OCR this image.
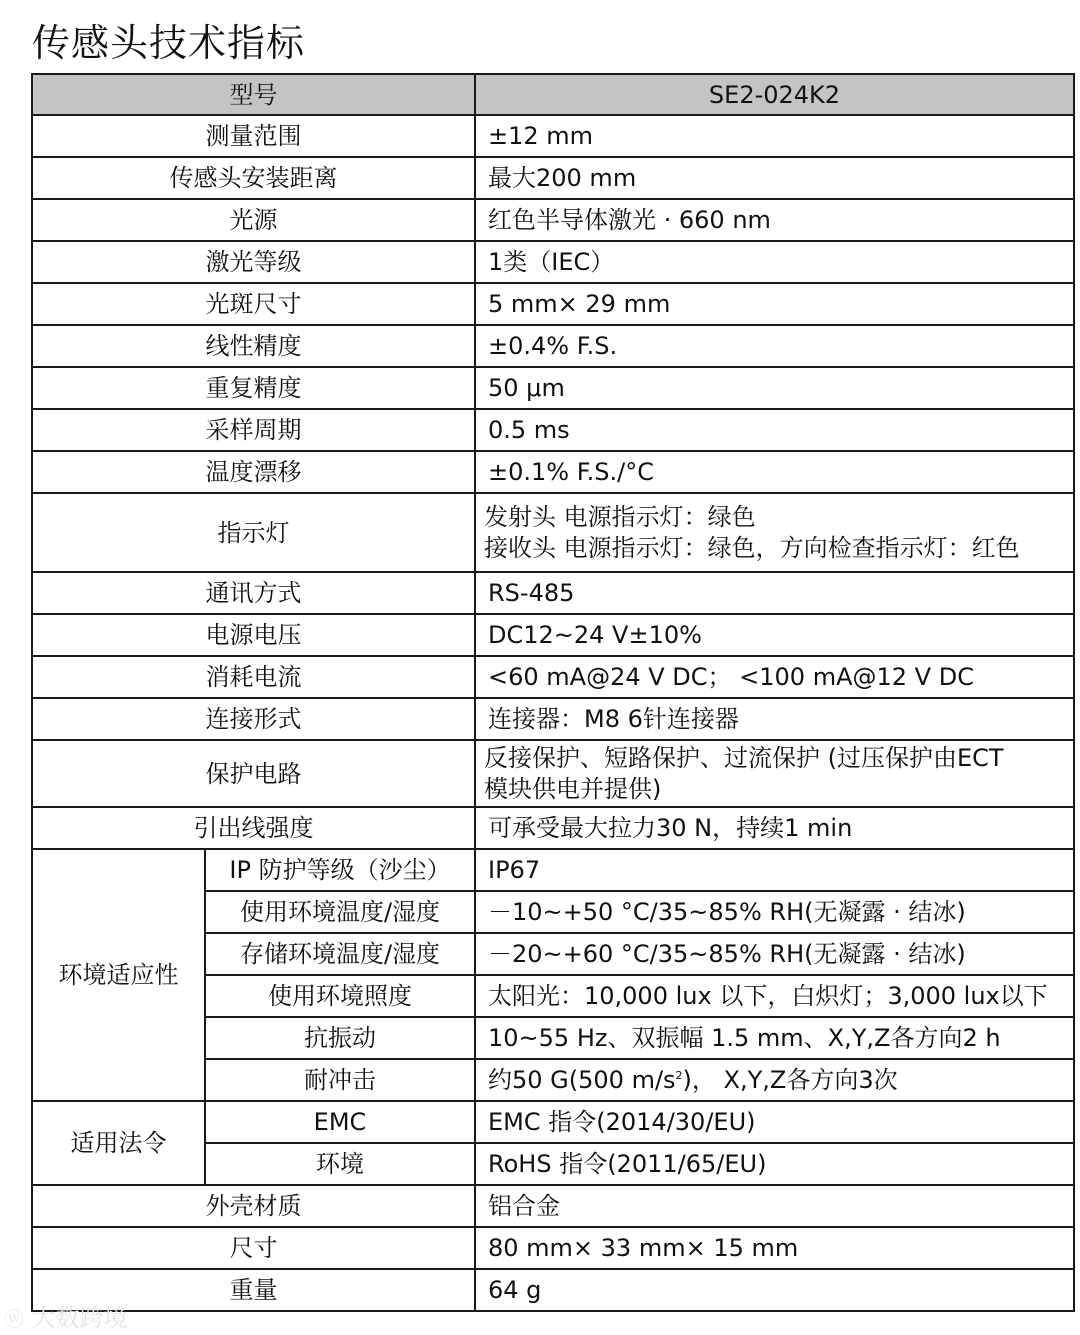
传感头技术指标
型号		SE2-024K2
测量范围		±12 mm
传感头安装距离		最大200 mm
光源		红色半导体激光 · 660 nm
激光等级		1类（IEC）
光斑尺寸		5 mm× 29 mm
线性精度		±0.4% F.S.
重复精度		50 μm
采样周期		0.5 ms
温度漂移		±0.1% F.S./°C
指示灯		发射头 电源指示灯：绿色
接收头 电源指示灯：绿色，方向检查指示灯：红色

通讯方式		RS-485
电源电压		DC12~24 V±10%
消耗电流		<60 mA@24 V DC； <100 mA@12 V DC
连接形式		连接器：M8 6针连接器
保护电路		反接保护、短路保护、过流保护 (过压保护由ECT
模块供电并提供)

引出线强度		可承受最大拉力30 N，持续1 min
环境适应性	IP 防护等级（沙尘）	IP67
	使用环境温度/湿度	－10~+50 °C/35~85% RH(无凝露 · 结冰)
	存储环境温度/湿度	－20~+60 °C/35~85% RH(无凝露 · 结冰)
	使用环境照度	太阳光：10,000 lux 以下，白炽灯；3,000 lux以下
	抗振动	10~55 Hz、双振幅 1.5 mm、X,Y,Z各方向2 h
	耐冲击	约50 G(500 $m/s^2$)， X,Y,Z各方向3次
适用法令	EMC	EMC 指令(2014/30/EU)
	环境	RoHS 指令(2011/65/EU)
外壳材质		铝合金
尺寸		80 mm× 33 mm× 15 mm
重量		64 g
ⓦ 大数跨境
